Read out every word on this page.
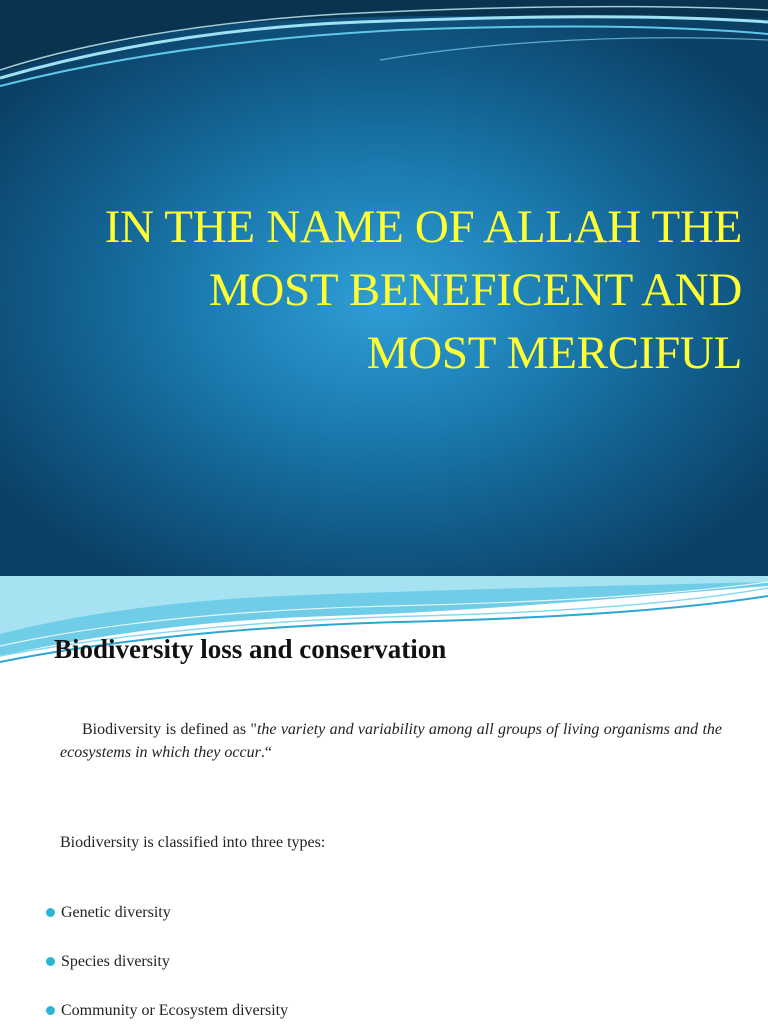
IN THE NAME OF ALLAH THE
MOST BENEFICENT AND
MOST MERCIFUL
Biodiversity loss and conservation

Biodiversity is defined as "the variety and variability among all groups of living organisms and the ecosystems in which they occur.“

Biodiversity is classified into three types:

Genetic diversity
Species diversity
Community or Ecosystem diversity
